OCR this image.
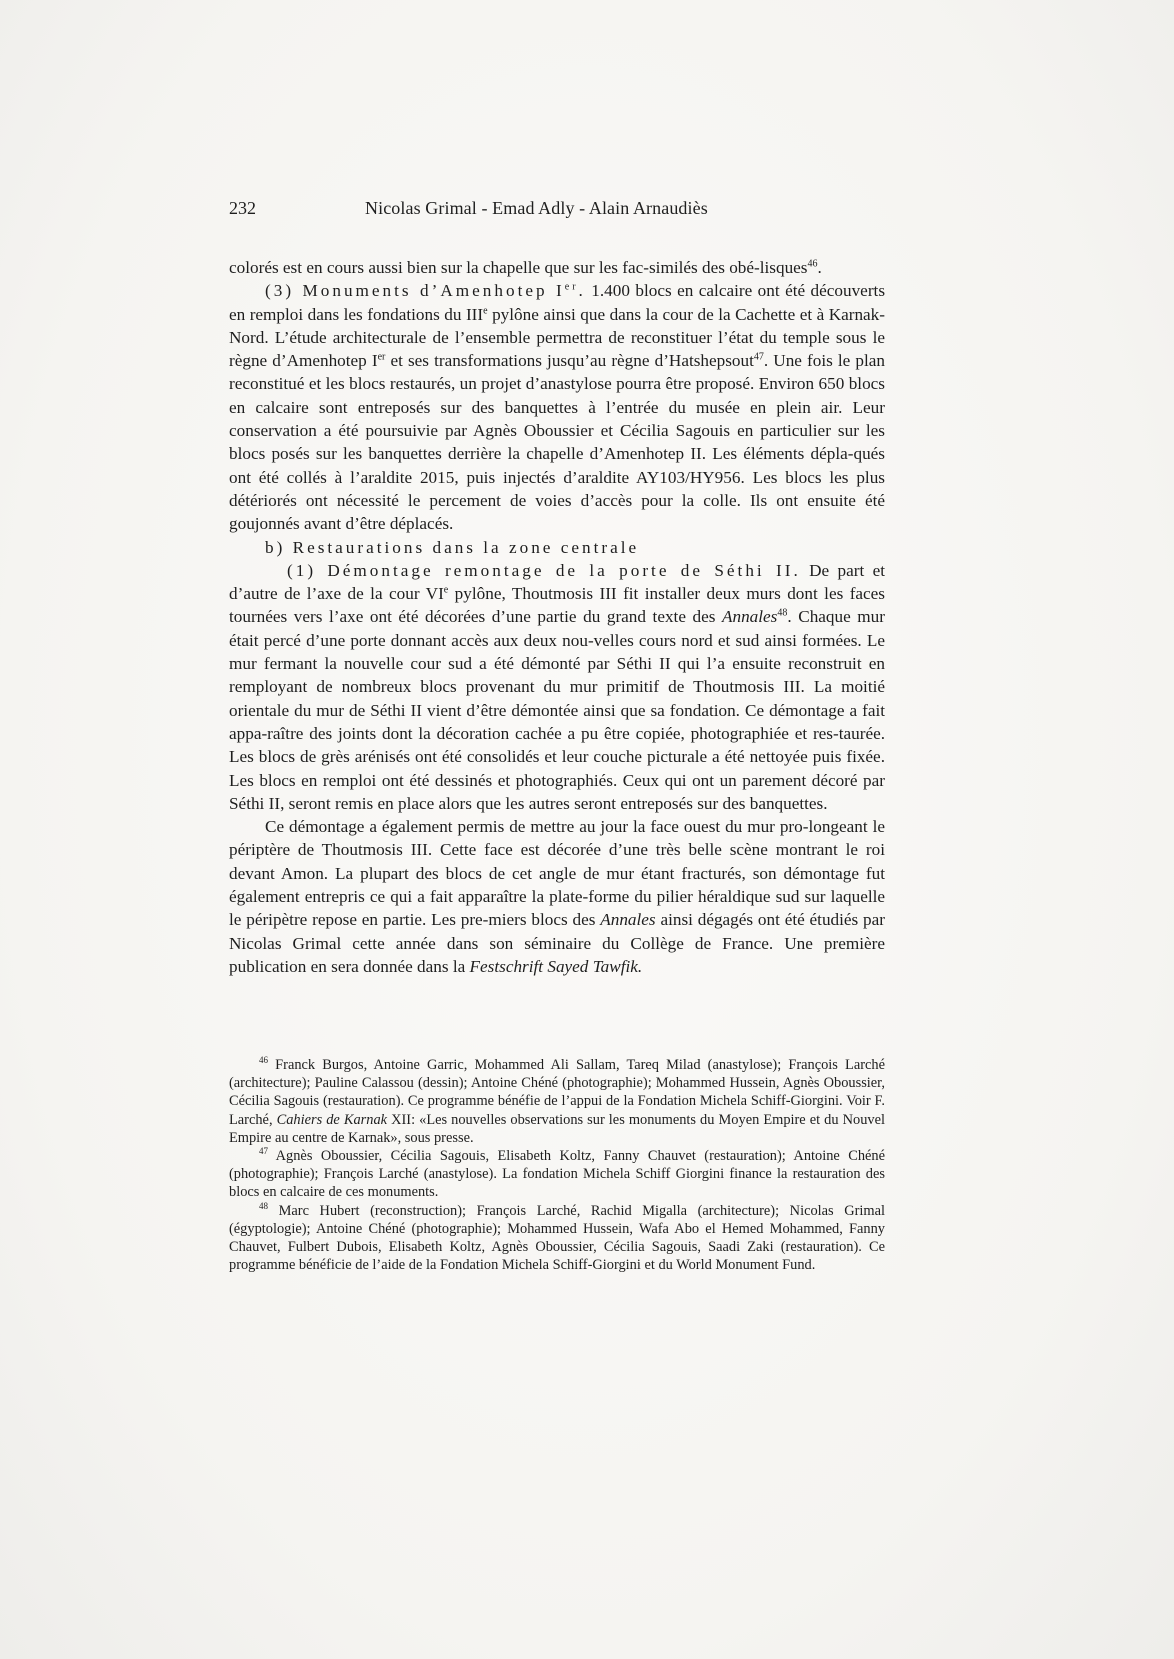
232	Nicolas Grimal - Emad Adly - Alain Arnaudiès

colorés est en cours aussi bien sur la chapelle que sur les fac-similés des obé-lisques$^{46}$.

(3) Monuments d’Amenhotep Ier. 1.400 blocs en calcaire ont été découverts en remploi dans les fondations du IIIe pylône ainsi que dans la cour de la Cachette et à Karnak-Nord. L’étude architecturale de l’ensemble permettra de reconstituer l’état du temple sous le règne d’Amenhotep Ier et ses transformations jusqu’au règne d’Hatshepsout$^{47}$. Une fois le plan reconstitué et les blocs restaurés, un projet d’anastylose pourra être proposé. Environ 650 blocs en calcaire sont entreposés sur des banquettes à l’entrée du musée en plein air. Leur conservation a été poursuivie par Agnès Oboussier et Cécilia Sagouis en particulier sur les blocs posés sur les banquettes derrière la chapelle d’Amenhotep II. Les éléments dépla-qués ont été collés à l’araldite 2015, puis injectés d’araldite AY103/HY956. Les blocs les plus détériorés ont nécessité le percement de voies d’accès pour la colle. Ils ont ensuite été goujonnés avant d’être déplacés.

b) Restaurations dans la zone centrale

(1) Démontage remontage de la porte de Séthi II. De part et d’autre de l’axe de la cour VIe pylône, Thoutmosis III fit installer deux murs dont les faces tournées vers l’axe ont été décorées d’une partie du grand texte des Annales$^{48}$. Chaque mur était percé d’une porte donnant accès aux deux nou-velles cours nord et sud ainsi formées. Le mur fermant la nouvelle cour sud a été démonté par Séthi II qui l’a ensuite reconstruit en remployant de nombreux blocs provenant du mur primitif de Thoutmosis III. La moitié orientale du mur de Séthi II vient d’être démontée ainsi que sa fondation. Ce démontage a fait appa-raître des joints dont la décoration cachée a pu être copiée, photographiée et res-taurée. Les blocs de grès arénisés ont été consolidés et leur couche picturale a été nettoyée puis fixée. Les blocs en remploi ont été dessinés et photographiés. Ceux qui ont un parement décoré par Séthi II, seront remis en place alors que les autres seront entreposés sur des banquettes.

Ce démontage a également permis de mettre au jour la face ouest du mur pro-longeant le périptère de Thoutmosis III. Cette face est décorée d’une très belle scène montrant le roi devant Amon. La plupart des blocs de cet angle de mur étant fracturés, son démontage fut également entrepris ce qui a fait apparaître la plate-forme du pilier héraldique sud sur laquelle le péripètre repose en partie. Les pre-miers blocs des Annales ainsi dégagés ont été étudiés par Nicolas Grimal cette année dans son séminaire du Collège de France. Une première publication en sera donnée dans la Festschrift Sayed Tawfik.

$^{46}$ Franck Burgos, Antoine Garric, Mohammed Ali Sallam, Tareq Milad (anastylose); François Larché (architecture); Pauline Calassou (dessin); Antoine Chéné (photographie); Mohammed Hussein, Agnès Oboussier, Cécilia Sagouis (restauration). Ce programme bénéfie de l’appui de la Fondation Michela Schiff-Giorgini. Voir F. Larché, Cahiers de Karnak XII: «Les nouvelles observations sur les monuments du Moyen Empire et du Nouvel Empire au centre de Karnak», sous presse.

$^{47}$ Agnès Oboussier, Cécilia Sagouis, Elisabeth Koltz, Fanny Chauvet (restauration); Antoine Chéné (photographie); François Larché (anastylose). La fondation Michela Schiff Giorgini finance la restauration des blocs en calcaire de ces monuments.

$^{48}$ Marc Hubert (reconstruction); François Larché, Rachid Migalla (architecture); Nicolas Grimal (égyptologie); Antoine Chéné (photographie); Mohammed Hussein, Wafa Abo el Hemed Mohammed, Fanny Chauvet, Fulbert Dubois, Elisabeth Koltz, Agnès Oboussier, Cécilia Sagouis, Saadi Zaki (restauration). Ce programme bénéficie de l’aide de la Fondation Michela Schiff-Giorgini et du World Monument Fund.
